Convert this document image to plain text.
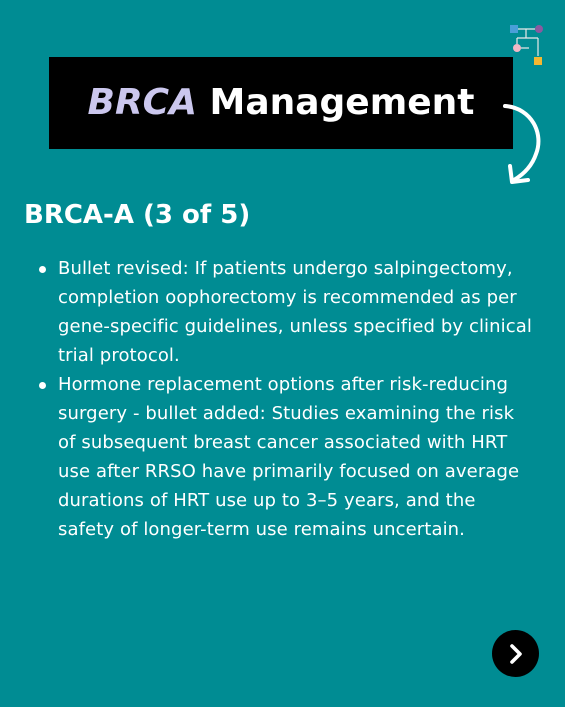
BRCA Management
BRCA-A (3 of 5)
Bullet revised: If patients undergo salpingectomy, completion oophorectomy is recommended as per gene-specific guidelines, unless specified by clinical trial protocol.
Hormone replacement options after risk-reducing surgery - bullet added: Studies examining the risk of subsequent breast cancer associated with HRT use after RRSO have primarily focused on average durations of HRT use up to 3–5 years, and the safety of longer-term use remains uncertain.
